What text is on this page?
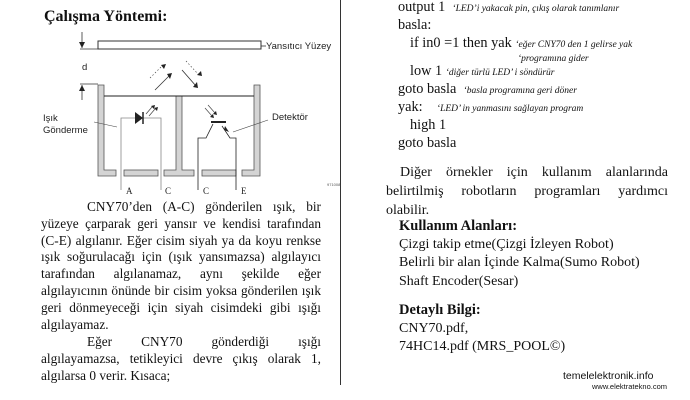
Çalışma Yöntemi:
Yansıtıcı Yüzey
d
Işık
Gönderme
Detektör
A	C	C	E

CNY70’den (A-C) gönderilen ışık, bir yüzeye çarparak geri yansır ve kendisi tarafından (C-E) algılanır. Eğer cisim siyah ya da koyu renkse ışık soğurulacağı için (ışık yansımazsa) algılayıcı tarafından algılanamaz, aynı şekilde eğer algılayıcının önünde bir cisim yoksa gönderilen ışık geri dönmeyeceği için siyah cisimdeki gibi ışığı algılayamaz.

Eğer CNY70 gönderdiği ışığı algılayamazsa, tetikleyici devre çıkış olarak 1, algılarsa 0 verir. Kısaca;

971008
output 1 ‘LED’i yakacak pin, çıkış olarak tanımlanır
basla:
if in0 =1 then yak ‘eğer CNY70 den 1 gelirse yak
‘programına gider
low 1 ‘diğer türlü LED’ i söndürür
goto basla ‘basla programına geri döner
yak: ‘LED’ in yanmasını sağlayan program
high 1
goto basla
Diğer örnekler için kullanım alanlarında belirtilmiş robotların programları yardımcı olabilir.
Kullanım Alanları:
Çizgi takip etme(Çizgi İzleyen Robot)
Belirli bir alan İçinde Kalma(Sumo Robot)
Shaft Encoder(Sesar)
Detaylı Bilgi:
CNY70.pdf,
74HC14.pdf (MRS_POOL©)
temelelektronik.info
www.elektratekno.com
